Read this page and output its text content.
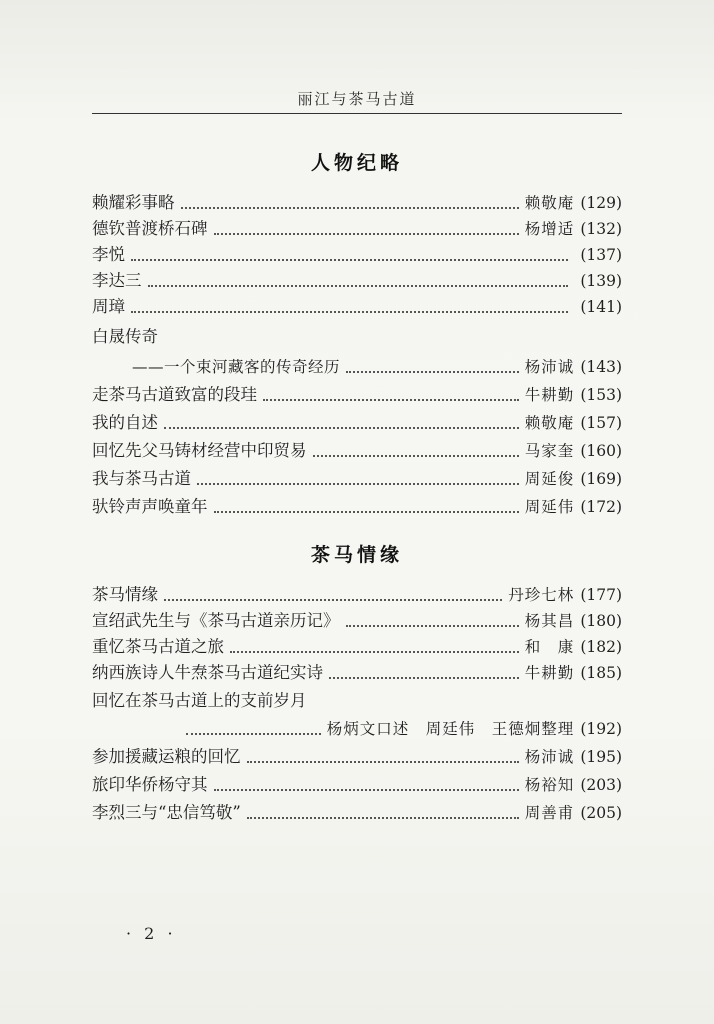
丽江与茶马古道
人物纪略
赖耀彩事略	赖敬庵 (129)
德钦普渡桥石碑	杨增适 (132)
李悦	(137)
李达三	(139)
周璋	(141)
白晟传奇
——一个束河藏客的传奇经历	杨沛诚 (143)
走茶马古道致富的段珪	牛耕勤 (153)
我的自述	赖敬庵 (157)
回忆先父马铸材经营中印贸易	马家奎 (160)
我与茶马古道	周延俊 (169)
驮铃声声唤童年	周延伟 (172)
茶马情缘
茶马情缘	丹珍七林 (177)
宣绍武先生与《茶马古道亲历记》	杨其昌 (180)
重忆茶马古道之旅	和　康 (182)
纳西族诗人牛焘茶马古道纪实诗	牛耕勤 (185)
回忆在茶马古道上的支前岁月
杨炳文口述　周廷伟　王德炯整理 (192)
参加援藏运粮的回忆	杨沛诚 (195)
旅印华侨杨守其	杨裕知 (203)
李烈三与“忠信笃敬”	周善甫 (205)
· 2 ·
